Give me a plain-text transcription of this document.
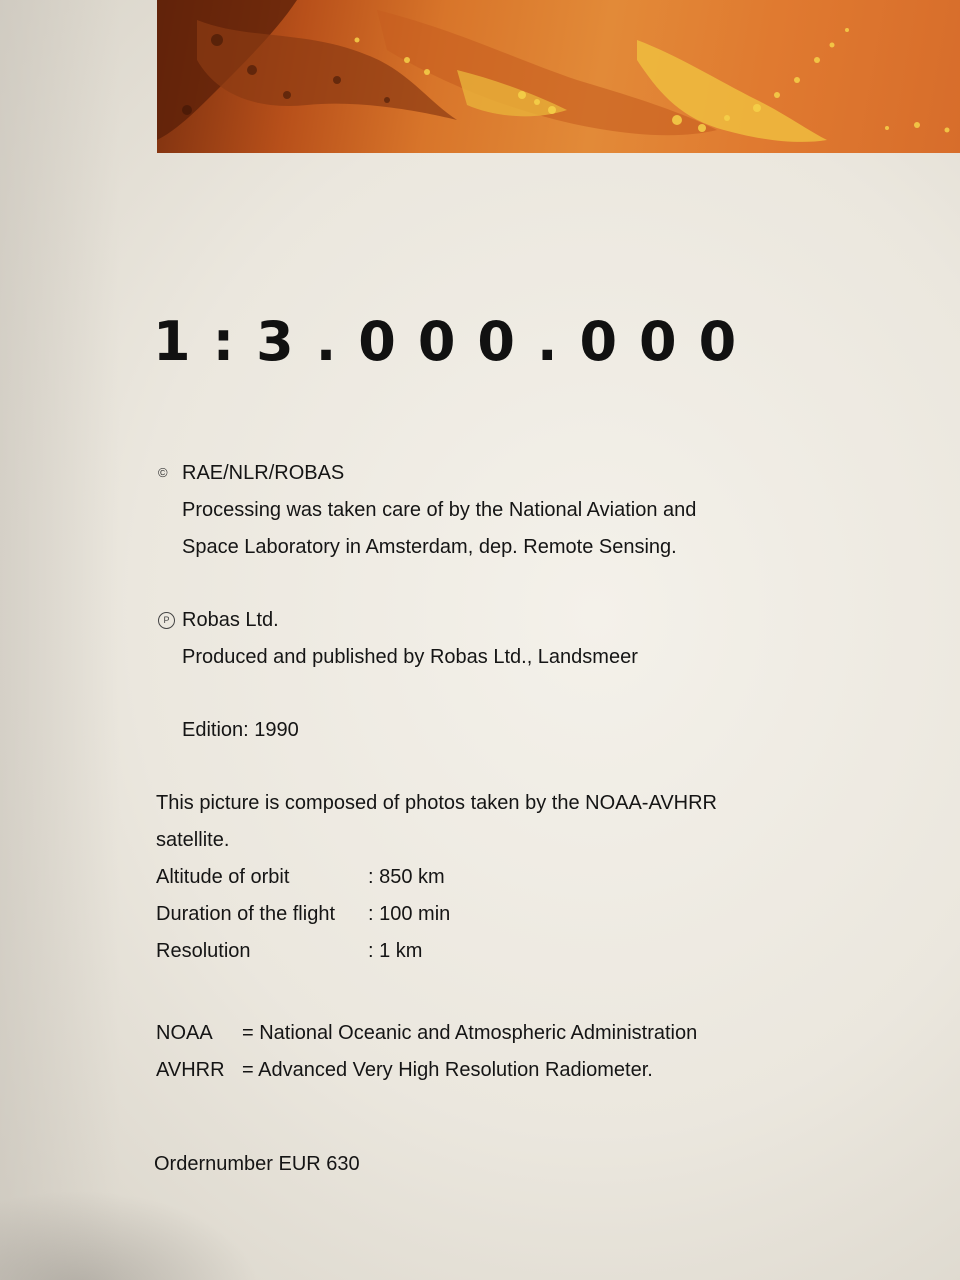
1:3.000.000
© RAE/NLR/ROBAS
Processing was taken care of by the National Aviation and
Space Laboratory in Amsterdam, dep. Remote Sensing.
P Robas Ltd.
Produced and published by Robas Ltd., Landsmeer
Edition: 1990
This picture is composed of photos taken by the NOAA-AVHRR
satellite.
Altitude of orbit	: 850 km
Duration of the flight	: 100 min
Resolution	: 1 km
NOAA	= National Oceanic and Atmospheric Administration
AVHRR = Advanced Very High Resolution Radiometer.
Ordernumber EUR 630
